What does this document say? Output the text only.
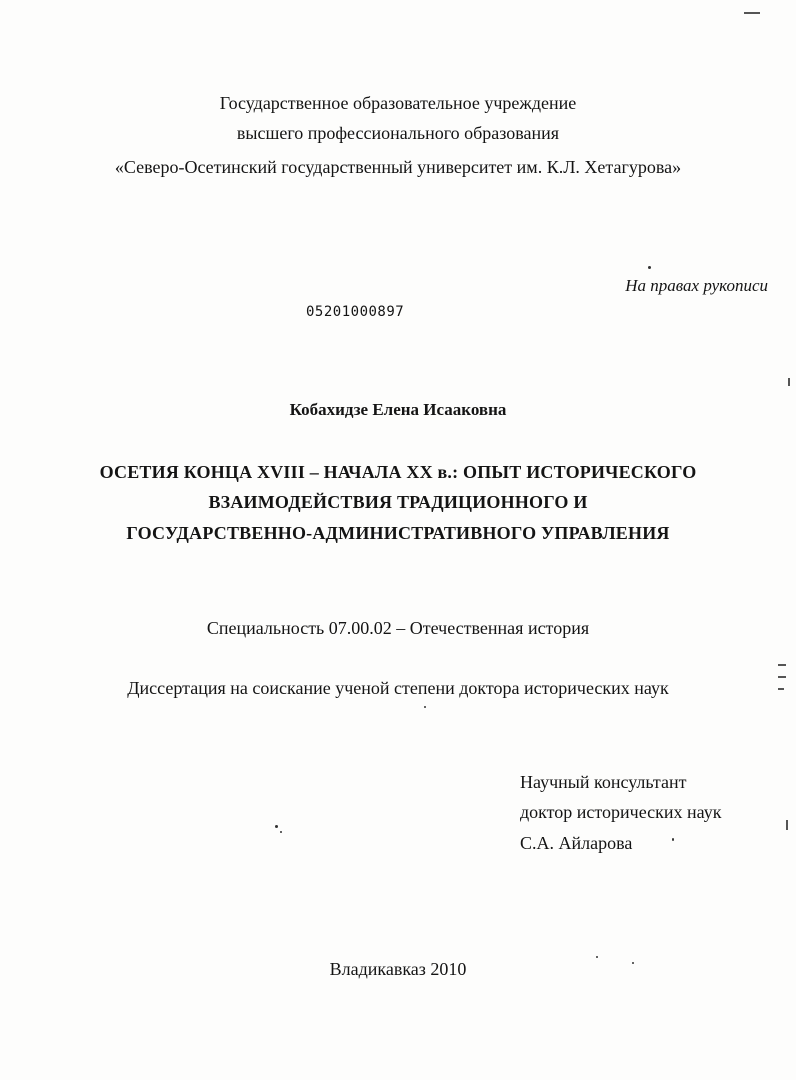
Государственное образовательное учреждение
высшего профессионального образования
«Северо-Осетинский государственный университет им. К.Л. Хетагурова»
На правах рукописи
05201000897
Кобахидзе Елена Исааковна
ОСЕТИЯ КОНЦА XVIII – НАЧАЛА XX в.: ОПЫТ ИСТОРИЧЕСКОГО
ВЗАИМОДЕЙСТВИЯ ТРАДИЦИОННОГО И
ГОСУДАРСТВЕННО-АДМИНИСТРАТИВНОГО УПРАВЛЕНИЯ
Специальность 07.00.02 – Отечественная история
Диссертация на соискание ученой степени доктора исторических наук
Научный консультант
доктор исторических наук
С.А. Айларова
Владикавказ 2010
